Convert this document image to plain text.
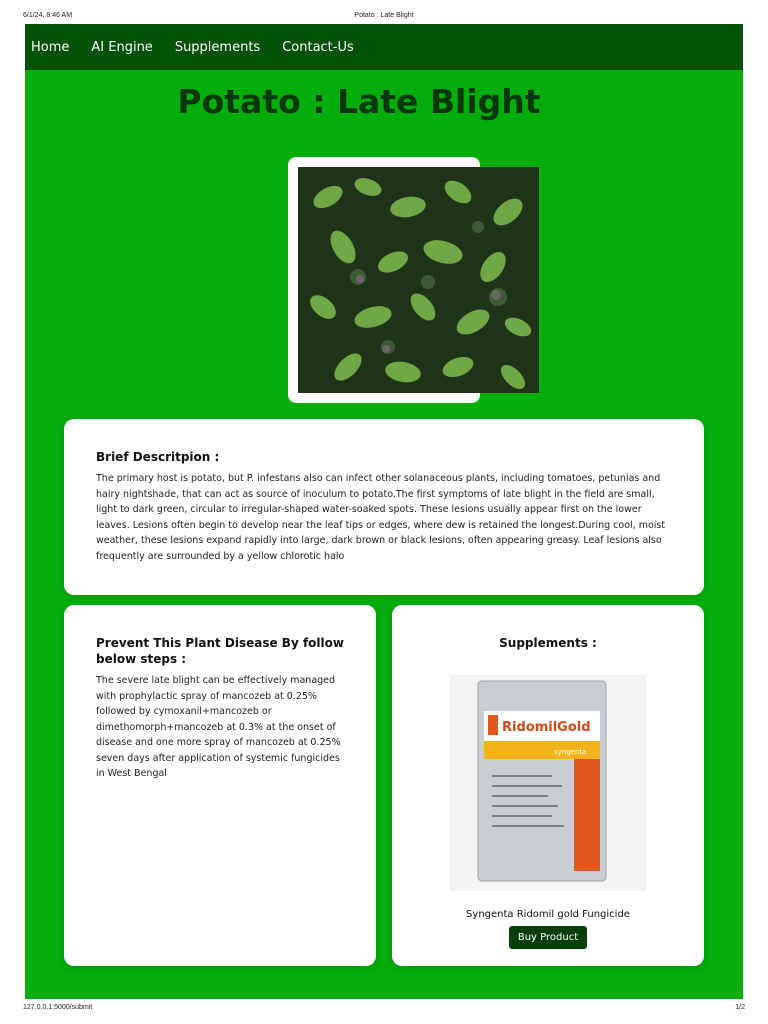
6/1/24, 8:46 AM	Potato : Late Blight
Home AI Engine Supplements Contact-Us
Potato : Late Blight
Brief Descritpion :

The primary host is potato, but P. infestans also can infect other solanaceous plants, including tomatoes, petunias and hairy nightshade, that can act as source of inoculum to potato.The first symptoms of late blight in the field are small, light to dark green, circular to irregular-shaped water-soaked spots. These lesions usually appear first on the lower leaves. Lesions often begin to develop near the leaf tips or edges, where dew is retained the longest.During cool, moist weather, these lesions expand rapidly into large, dark brown or black lesions, often appearing greasy. Leaf lesions also frequently are surrounded by a yellow chlorotic halo

Prevent This Plant Disease By follow below steps :

The severe late blight can be effectively managed with prophylactic spray of mancozeb at 0.25% followed by cymoxanil+mancozeb or dimethomorph+mancozeb at 0.3% at the onset of disease and one more spray of mancozeb at 0.25% seven days after application of systemic fungicides in West Bengal

Supplements :
RidomilGold
syngenta
Syngenta Ridomil gold Fungicide
Buy Product
127.0.0.1:5000/submit	1/2
